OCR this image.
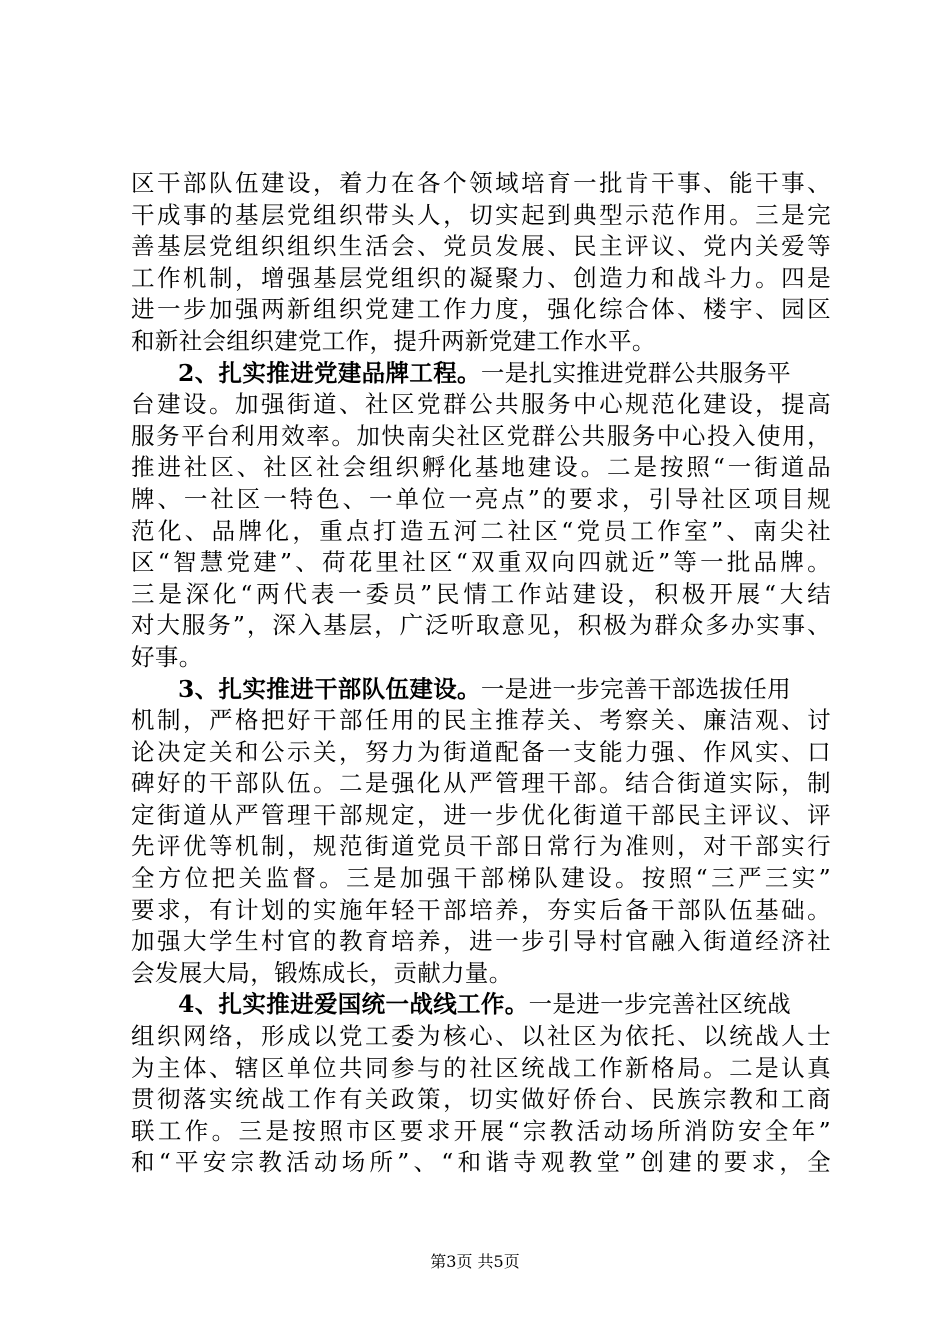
区干部队伍建设，着力在各个领域培育一批肯干事、能干事、
干成事的基层党组织带头人，切实起到典型示范作用。三是完
善基层党组织组织生活会、党员发展、民主评议、党内关爱等
工作机制，增强基层党组织的凝聚力、创造力和战斗力。四是
进一步加强两新组织党建工作力度，强化综合体、楼宇、园区
和新社会组织建党工作，提升两新党建工作水平。
2、扎实推进党建品牌工程。一是扎实推进党群公共服务平
台建设。加强街道、社区党群公共服务中心规范化建设，提高
服务平台利用效率。加快南尖社区党群公共服务中心投入使用，
推进社区、社区社会组织孵化基地建设。二是按照“一街道品
牌、一社区一特色、一单位一亮点”的要求，引导社区项目规
范化、品牌化，重点打造五河二社区“党员工作室”、南尖社
区“智慧党建”、荷花里社区“双重双向四就近”等一批品牌。
三是深化“两代表一委员”民情工作站建设，积极开展“大结
对大服务”，深入基层，广泛听取意见，积极为群众多办实事、
好事。
3、扎实推进干部队伍建设。一是进一步完善干部选拔任用
机制，严格把好干部任用的民主推荐关、考察关、廉洁观、讨
论决定关和公示关，努力为街道配备一支能力强、作风实、口
碑好的干部队伍。二是强化从严管理干部。结合街道实际，制
定街道从严管理干部规定，进一步优化街道干部民主评议、评
先评优等机制，规范街道党员干部日常行为准则，对干部实行
全方位把关监督。三是加强干部梯队建设。按照“三严三实”
要求，有计划的实施年轻干部培养，夯实后备干部队伍基础。
加强大学生村官的教育培养，进一步引导村官融入街道经济社
会发展大局，锻炼成长，贡献力量。
4、扎实推进爱国统一战线工作。一是进一步完善社区统战
组织网络，形成以党工委为核心、以社区为依托、以统战人士
为主体、辖区单位共同参与的社区统战工作新格局。二是认真
贯彻落实统战工作有关政策，切实做好侨台、民族宗教和工商
联工作。三是按照市区要求开展“宗教活动场所消防安全年”
和“平安宗教活动场所”、“和谐寺观教堂”创建的要求，全
第3页 共5页
